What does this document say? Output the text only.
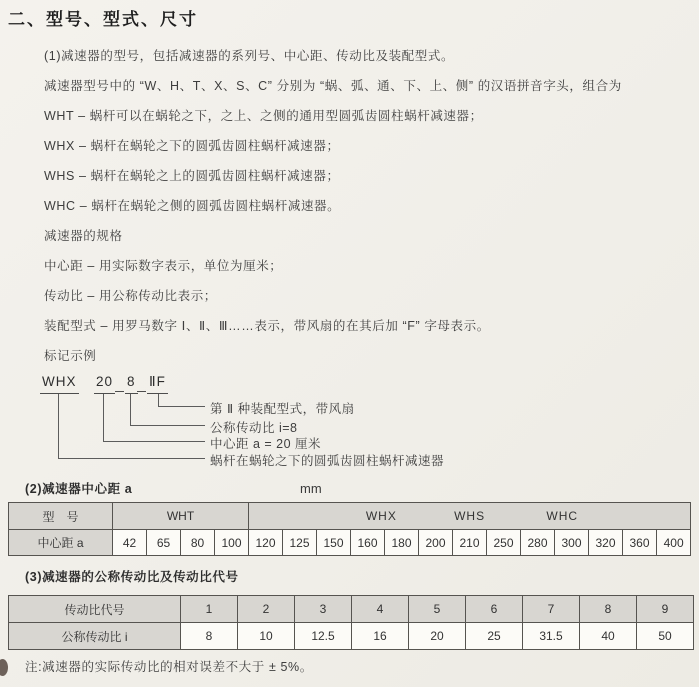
二、型号、型式、尺寸
(1)减速器的型号，包括减速器的系列号、中心距、传动比及装配型式。
减速器型号中的 “W、H、T、X、S、C” 分别为 “蜗、弧、通、下、上、侧” 的汉语拼音字头，组合为
WHT – 蜗杆可以在蜗轮之下，之上、之侧的通用型圆弧齿圆柱蜗杆减速器；
WHX – 蜗杆在蜗轮之下的圆弧齿圆柱蜗杆减速器；
WHS – 蜗杆在蜗轮之上的圆弧齿圆柱蜗杆减速器；
WHC – 蜗杆在蜗轮之侧的圆弧齿圆柱蜗杆减速器。
减速器的规格
中心距 – 用实际数字表示，单位为厘米；
传动比 – 用公称传动比表示；
装配型式 – 用罗马数字 Ⅰ、Ⅱ、Ⅲ……表示，带风扇的在其后加 “F” 字母表示。
标记示例
WHX 20 8 ⅡF
第 Ⅱ 种装配型式，带风扇
公称传动比 i=8
中心距 a = 20 厘米
蜗杆在蜗轮之下的圆弧齿圆柱蜗杆减速器
(2)减速器中心距 a	mm
型　号	WHT				WHX WHS WHC												

中心距 a	42	65	80	100	120	125	150	160	180	200	210	250	280	300	320	360	400
(3)减速器的公称传动比及传动比代号
传动比代号	1	2	3	4	5	6	7	8	9
公称传动比 i	8	10	12.5	16	20	25	31.5	40	50
注:减速器的实际传动比的相对误差不大于 ± 5%。
